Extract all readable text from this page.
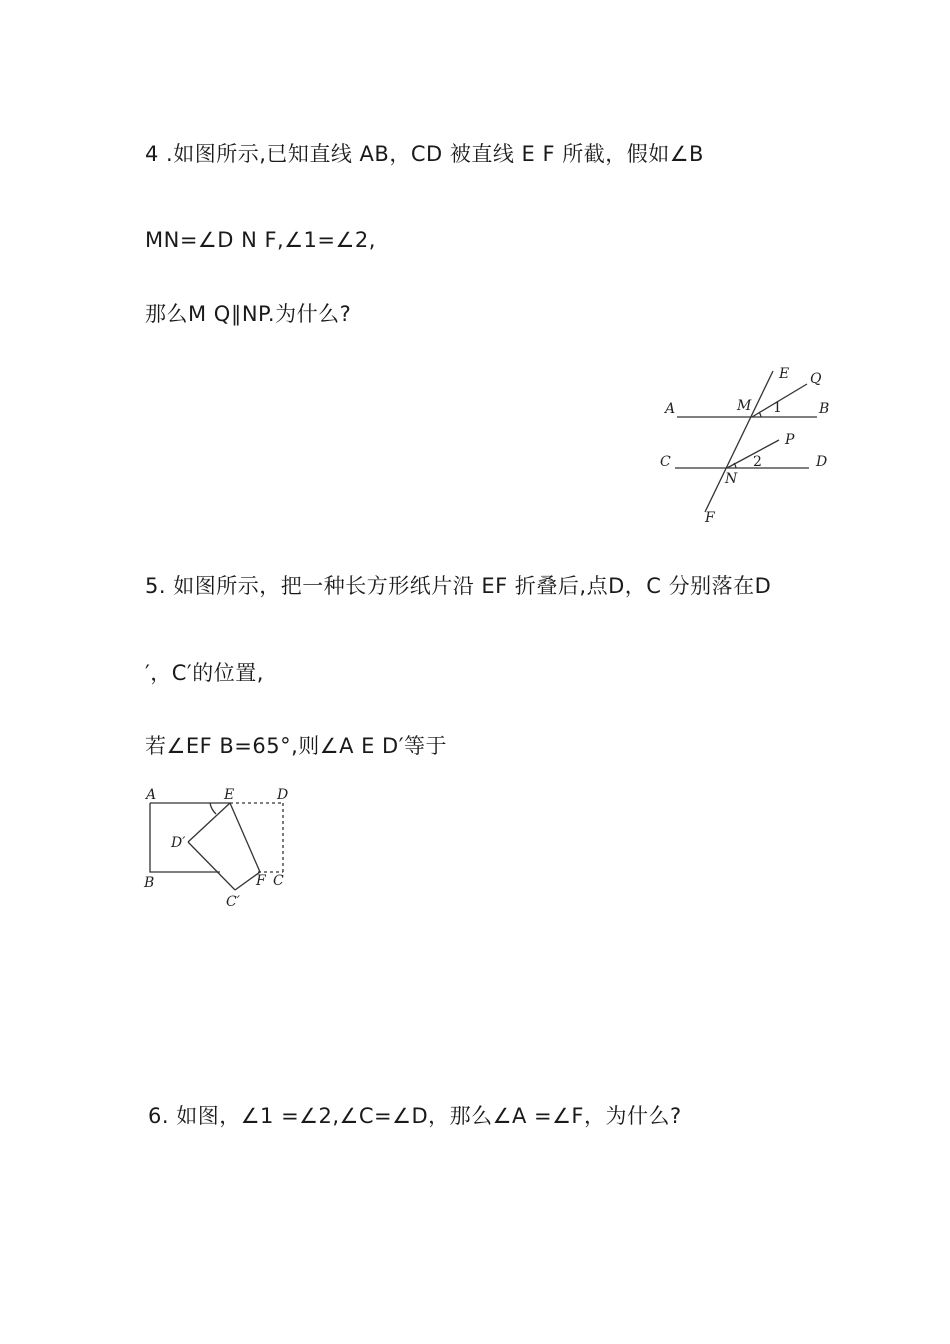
4 .如图所示,已知直线 AB，CD 被直线 E F 所截，假如∠B

MN=∠D N F,∠1=∠2,

那么M Q∥NP.为什么?

E Q
A	M 1	B
P
C	2	D
N
F

5. 如图所示，把一种长方形纸片沿 EF 折叠后,点D，C 分别落在D

′，C′的位置,

若∠EF B=65°,则∠A E D′等于

A	E	D
D′
B	F C
C′

6. 如图，∠1 =∠2,∠C=∠D，那么∠A =∠F，为什么?
